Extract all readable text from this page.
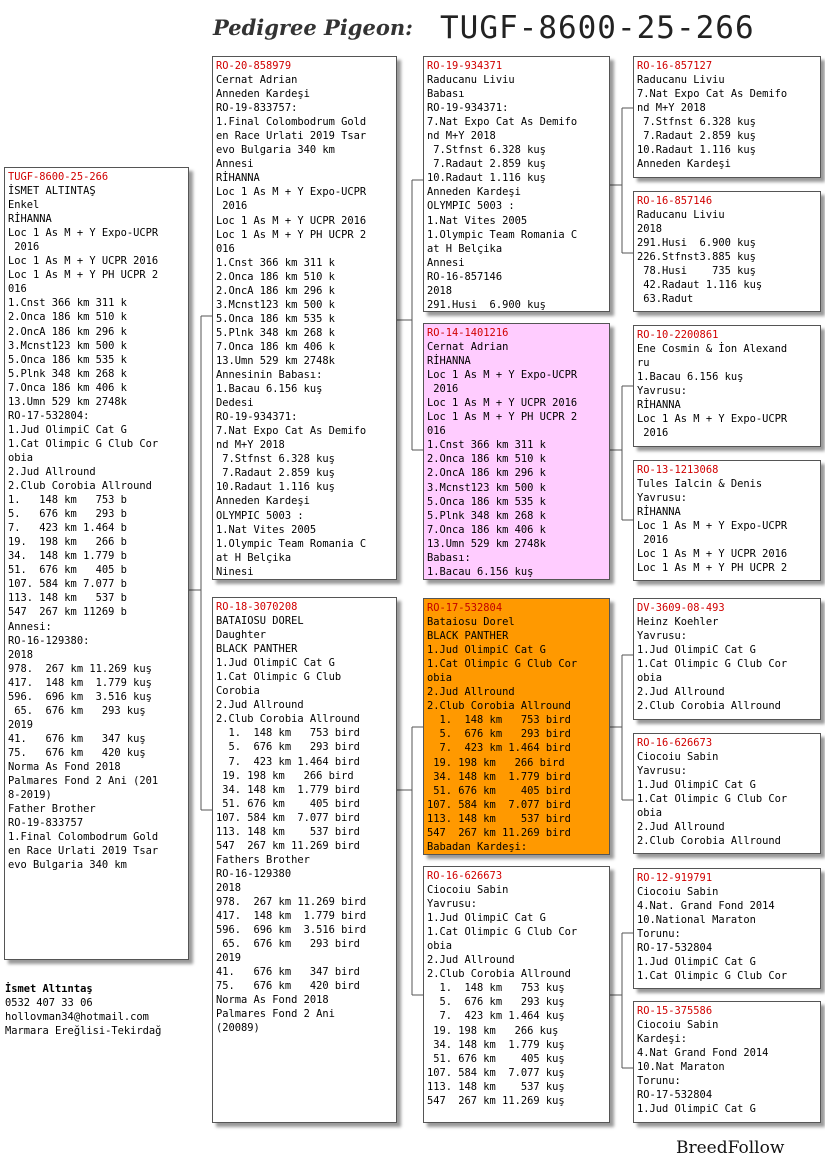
Pedigree Pigeon: TUGF-8600-25-266
TUGF-8600-25-266
İSMET ALTINTAŞ
Enkel
RİHANNA
Loc 1 As M + Y Expo-UCPR
2016
Loc 1 As M + Y UCPR 2016
Loc 1 As M + Y PH UCPR 2
016
1.Cnst 366 km 311 k
2.Onca 186 km 510 k
2.OncA 186 km 296 k
3.Mcnst123 km 500 k
5.Onca 186 km 535 k
5.Plnk 348 km 268 k
7.Onca 186 km 406 k
13.Umn 529 km 2748k
RO-17-532804:
1.Jud OlimpiC Cat G
1.Cat Olimpic G Club Cor
obia
2.Jud Allround
2.Club Corobia Allround
1.   148 km   753 b
5.   676 km   293 b
7.   423 km 1.464 b
19.  198 km   266 b
34.  148 km 1.779 b
51.  676 km   405 b
107. 584 km 7.077 b
113. 148 km   537 b
547  267 km 11269 b
Annesi:
RO-16-129380:
2018
978.  267 km 11.269 kuş
417.  148 km  1.779 kuş
596.  696 km  3.516 kuş
65.  676 km   293 kuş
2019
41.   676 km   347 kuş
75.   676 km   420 kuş
Norma As Fond 2018
Palmares Fond 2 Ani (201
8-2019)
Father Brother
RO-19-833757
1.Final Colombodrum Gold
en Race Urlati 2019 Tsar
evo Bulgaria 340 km
RO-20-858979
Cernat Adrian
Anneden Kardeşi
RO-19-833757:
1.Final Colombodrum Gold
en Race Urlati 2019 Tsar
evo Bulgaria 340 km
Annesi
RİHANNA
Loc 1 As M + Y Expo-UCPR
2016
Loc 1 As M + Y UCPR 2016
Loc 1 As M + Y PH UCPR 2
016
1.Cnst 366 km 311 k
2.Onca 186 km 510 k
2.OncA 186 km 296 k
3.Mcnst123 km 500 k
5.Onca 186 km 535 k
5.Plnk 348 km 268 k
7.Onca 186 km 406 k
13.Umn 529 km 2748k
Annesinin Babası:
1.Bacau 6.156 kuş
Dedesi
RO-19-934371:
7.Nat Expo Cat As Demifo
nd M+Y 2018
7.Stfnst 6.328 kuş
7.Radaut 2.859 kuş
10.Radaut 1.116 kuş
Anneden Kardeşi
OLYMPIC 5003 :
1.Nat Vites 2005
1.Olympic Team Romania C
at H Belçika
Ninesi
RO-18-3070208
BATAIOSU DOREL
Daughter
BLACK PANTHER
1.Jud OlimpiC Cat G
1.Cat Olimpic G Club
Corobia
2.Jud Allround
2.Club Corobia Allround
1.  148 km   753 bird
5.  676 km   293 bird
7.  423 km 1.464 bird
19. 198 km   266 bird
34. 148 km  1.779 bird
51. 676 km    405 bird
107. 584 km  7.077 bird
113. 148 km    537 bird
547  267 km 11.269 bird
Fathers Brother
RO-16-129380
2018
978.  267 km 11.269 bird
417.  148 km  1.779 bird
596.  696 km  3.516 bird
65.  676 km   293 bird
2019
41.   676 km   347 bird
75.   676 km   420 bird
Norma As Fond 2018
Palmares Fond 2 Ani
(20089)
RO-19-934371
Raducanu Liviu
Babası
RO-19-934371:
7.Nat Expo Cat As Demifo
nd M+Y 2018
7.Stfnst 6.328 kuş
7.Radaut 2.859 kuş
10.Radaut 1.116 kuş
Anneden Kardeşi
OLYMPIC 5003 :
1.Nat Vites 2005
1.Olympic Team Romania C
at H Belçika
Annesi
RO-16-857146
2018
291.Husi  6.900 kuş
RO-14-1401216
Cernat Adrian
RİHANNA
Loc 1 As M + Y Expo-UCPR
2016
Loc 1 As M + Y UCPR 2016
Loc 1 As M + Y PH UCPR 2
016
1.Cnst 366 km 311 k
2.Onca 186 km 510 k
2.OncA 186 km 296 k
3.Mcnst123 km 500 k
5.Onca 186 km 535 k
5.Plnk 348 km 268 k
7.Onca 186 km 406 k
13.Umn 529 km 2748k
Babası:
1.Bacau 6.156 kuş
RO-17-532804
Bataiosu Dorel
BLACK PANTHER
1.Jud OlimpiC Cat G
1.Cat Olimpic G Club Cor
obia
2.Jud Allround
2.Club Corobia Allround
1.  148 km   753 bird
5.  676 km   293 bird
7.  423 km 1.464 bird
19. 198 km   266 bird
34. 148 km  1.779 bird
51. 676 km    405 bird
107. 584 km  7.077 bird
113. 148 km    537 bird
547  267 km 11.269 bird
Babadan Kardeşi:
RO-16-626673
Ciocoiu Sabin
Yavrusu:
1.Jud OlimpiC Cat G
1.Cat Olimpic G Club Cor
obia
2.Jud Allround
2.Club Corobia Allround
1.  148 km   753 kuş
5.  676 km   293 kuş
7.  423 km 1.464 kuş
19. 198 km   266 kuş
34. 148 km  1.779 kuş
51. 676 km    405 kuş
107. 584 km  7.077 kuş
113. 148 km    537 kuş
547  267 km 11.269 kuş
RO-16-857127
Raducanu Liviu
7.Nat Expo Cat As Demifo
nd M+Y 2018
7.Stfnst 6.328 kuş
7.Radaut 2.859 kuş
10.Radaut 1.116 kuş
Anneden Kardeşi
RO-16-857146
Raducanu Liviu
2018
291.Husi  6.900 kuş
226.Stfnst3.885 kuş
78.Husi    735 kuş
42.Radaut 1.116 kuş
63.Radut
RO-10-2200861
Ene Cosmin & İon Alexand
ru
1.Bacau 6.156 kuş
Yavrusu:
RİHANNA
Loc 1 As M + Y Expo-UCPR
2016
RO-13-1213068
Tules Ialcin & Denis
Yavrusu:
RİHANNA
Loc 1 As M + Y Expo-UCPR
2016
Loc 1 As M + Y UCPR 2016
Loc 1 As M + Y PH UCPR 2
DV-3609-08-493
Heinz Koehler
Yavrusu:
1.Jud OlimpiC Cat G
1.Cat Olimpic G Club Cor
obia
2.Jud Allround
2.Club Corobia Allround
RO-16-626673
Ciocoiu Sabin
Yavrusu:
1.Jud OlimpiC Cat G
1.Cat Olimpic G Club Cor
obia
2.Jud Allround
2.Club Corobia Allround
RO-12-919791
Ciocoiu Sabin
4.Nat. Grand Fond 2014
10.National Maraton
Torunu:
RO-17-532804
1.Jud OlimpiC Cat G
1.Cat Olimpic G Club Cor
RO-15-375586
Ciocoiu Sabin
Kardeşi:
4.Nat Grand Fond 2014
10.Nat Maraton
Torunu:
RO-17-532804
1.Jud OlimpiC Cat G
İsmet Altıntaş
0532 407 33 06
hollovman34@hotmail.com
Marmara Ereğlisi-Tekirdağ
BreedFollow
